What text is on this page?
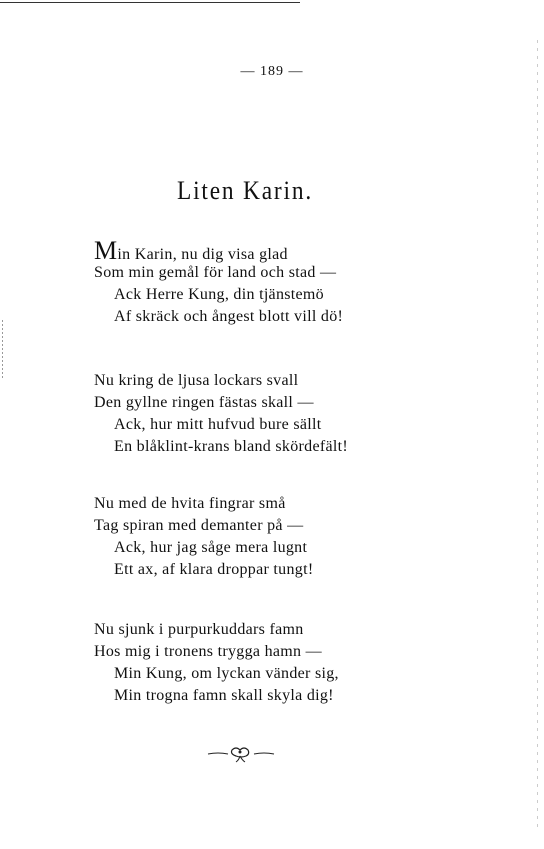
— 189 —
Liten Karin.
Min Karin, nu dig visa glad
Som min gemål för land och stad —
Ack Herre Kung, din tjänstemö
Af skräck och ångest blott vill dö!
Nu kring de ljusa lockars svall
Den gyllne ringen fästas skall —
Ack, hur mitt hufvud bure sällt
En blåklint-krans bland skördefält!
Nu med de hvita fingrar små
Tag spiran med demanter på —
Ack, hur jag såge mera lugnt
Ett ax, af klara droppar tungt!
Nu sjunk i purpurkuddars famn
Hos mig i tronens trygga hamn —
Min Kung, om lyckan vänder sig,
Min trogna famn skall skyla dig!
